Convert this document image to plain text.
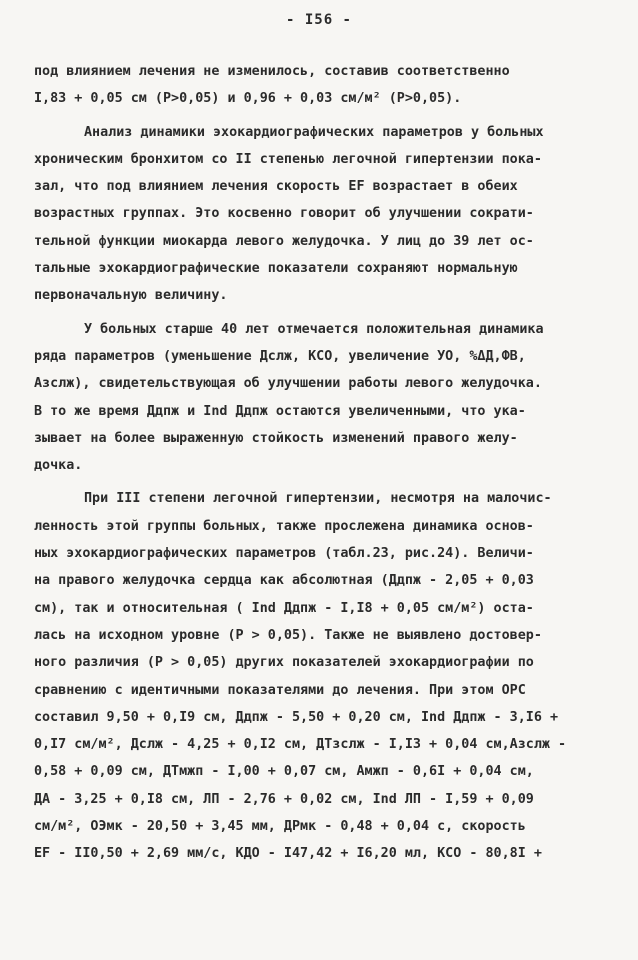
- I56 -
под влиянием лечения не изменилось, составив соответственно
I,83 + 0,05 см (P>0,05) и 0,96 + 0,03 см/м² (P>0,05).
Анализ динамики эхокардиографических параметров у больных
хроническим бронхитом со II степенью легочной гипертензии пока-
зал, что под влиянием лечения скорость EF возрастает в обеих
возрастных группах. Это косвенно говорит об улучшении сократи-
тельной функции миокарда левого желудочка. У лиц до 39 лет ос-
тальные эхокардиографические показатели сохраняют нормальную
первоначальную величину.
У больных старше 40 лет отмечается положительная динамика
ряда параметров (уменьшение Дслж, КСО, увеличение УО, %ΔД,ФВ,
Азслж), свидетельствующая об улучшении работы левого желудочка.
В то же время Ддпж и Ind Ддпж остаются увеличенными, что ука-
зывает на более выраженную стойкость изменений правого желу-
дочка.
При III степени легочной гипертензии, несмотря на малочис-
ленность этой группы больных, также прослежена динамика основ-
ных эхокардиографических параметров (табл.23, рис.24). Величи-
на правого желудочка сердца как абсолютная (Ддпж - 2,05 + 0,03
см), так и относительная ( Ind Ддпж - I,I8 + 0,05 см/м²) оста-
лась на исходном уровне (P > 0,05). Также не выявлено достовер-
ного различия (P > 0,05) других показателей эхокардиографии по
сравнению с идентичными показателями до лечения. При этом ОРС
составил 9,50 + 0,I9 см, Ддпж - 5,50 + 0,20 см, Ind Ддпж - 3,I6 +
0,I7 см/м², Дслж - 4,25 + 0,I2 см, ДТзслж - I,I3 + 0,04 см,Азслж -
0,58 + 0,09 см, ДТмжп - I,00 + 0,07 см, Амжп - 0,6I + 0,04 см,
ДА - 3,25 + 0,I8 см, ЛП - 2,76 + 0,02 см, Ind ЛП - I,59 + 0,09
см/м², ОЭмк - 20,50 + 3,45 мм, ДРмк - 0,48 + 0,04 с, скорость
EF - II0,50 + 2,69 мм/с, КДО - I47,42 + I6,20 мл, КСО - 80,8I +
